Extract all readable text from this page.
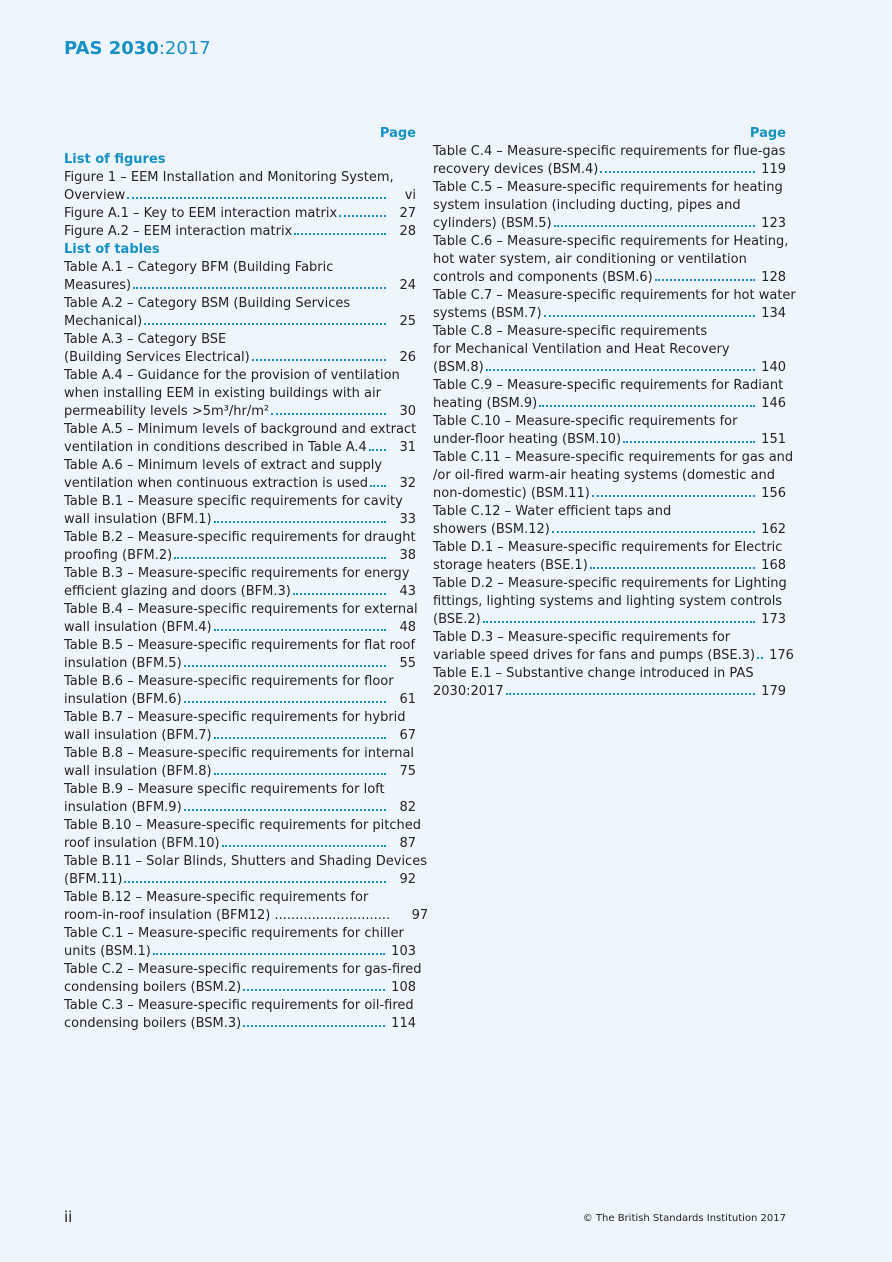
PAS 2030:2017
Page
List of figures
Figure 1 – EEM Installation and Monitoring System,
Overview	vi
Figure A.1 – Key to EEM interaction matrix	27
Figure A.2 – EEM interaction matrix	28
List of tables
Table A.1 – Category BFM (Building Fabric
Measures)	24
Table A.2 – Category BSM (Building Services
Mechanical)	25
Table A.3 – Category BSE
(Building Services Electrical)	26
Table A.4 – Guidance for the provision of ventilation
when installing EEM in existing buildings with air
permeability levels >5m³/hr/m²	30
Table A.5 – Minimum levels of background and extract
ventilation in conditions described in Table A.4	31
Table A.6 – Minimum levels of extract and supply
ventilation when continuous extraction is used	32
Table B.1 – Measure specific requirements for cavity
wall insulation (BFM.1)	33
Table B.2 – Measure-specific requirements for draught
proofing (BFM.2)	38
Table B.3 – Measure-specific requirements for energy
efficient glazing and doors (BFM.3)	43
Table B.4 – Measure-specific requirements for external
wall insulation (BFM.4)	48
Table B.5 – Measure-specific requirements for flat roof
insulation (BFM.5)	55
Table B.6 – Measure-specific requirements for floor
insulation (BFM.6)	61
Table B.7 – Measure-specific requirements for hybrid
wall insulation (BFM.7)	67
Table B.8 – Measure-specific requirements for internal
wall insulation (BFM.8)	75
Table B.9 – Measure specific requirements for loft
insulation (BFM.9)	82
Table B.10 – Measure-specific requirements for pitched
roof insulation (BFM.10)	87
Table B.11 – Solar Blinds, Shutters and Shading Devices
(BFM.11)	92
Table B.12 – Measure-specific requirements for
room-in-roof insulation (BFM12) ............................	97
Table C.1 – Measure-specific requirements for chiller
units (BSM.1)	103
Table C.2 – Measure-specific requirements for gas-fired
condensing boilers (BSM.2)	108
Table C.3 – Measure-specific requirements for oil-fired
condensing boilers (BSM.3)	114
Page
Table C.4 – Measure-specific requirements for flue-gas
recovery devices (BSM.4)	119
Table C.5 – Measure-specific requirements for heating
system insulation (including ducting, pipes and
cylinders) (BSM.5)	123
Table C.6 – Measure-specific requirements for Heating,
hot water system, air conditioning or ventilation
controls and components (BSM.6)	128
Table C.7 – Measure-specific requirements for hot water
systems (BSM.7)	134
Table C.8 – Measure-specific requirements
for Mechanical Ventilation and Heat Recovery
(BSM.8)	140
Table C.9 – Measure-specific requirements for Radiant
heating (BSM.9)	146
Table C.10 – Measure-specific requirements for
under-floor heating (BSM.10)	151
Table C.11 – Measure-specific requirements for gas and
/or oil-fired warm-air heating systems (domestic and
non-domestic) (BSM.11)	156
Table C.12 – Water efficient taps and
showers (BSM.12)	162
Table D.1 – Measure-specific requirements for Electric
storage heaters (BSE.1)	168
Table D.2 – Measure-specific requirements for Lighting
fittings, lighting systems and lighting system controls
(BSE.2)	173
Table D.3 – Measure-specific requirements for
variable speed drives for fans and pumps (BSE.3) 176
Table E.1 – Substantive change introduced in PAS
2030:2017	179
ii	© The British Standards Institution 2017
